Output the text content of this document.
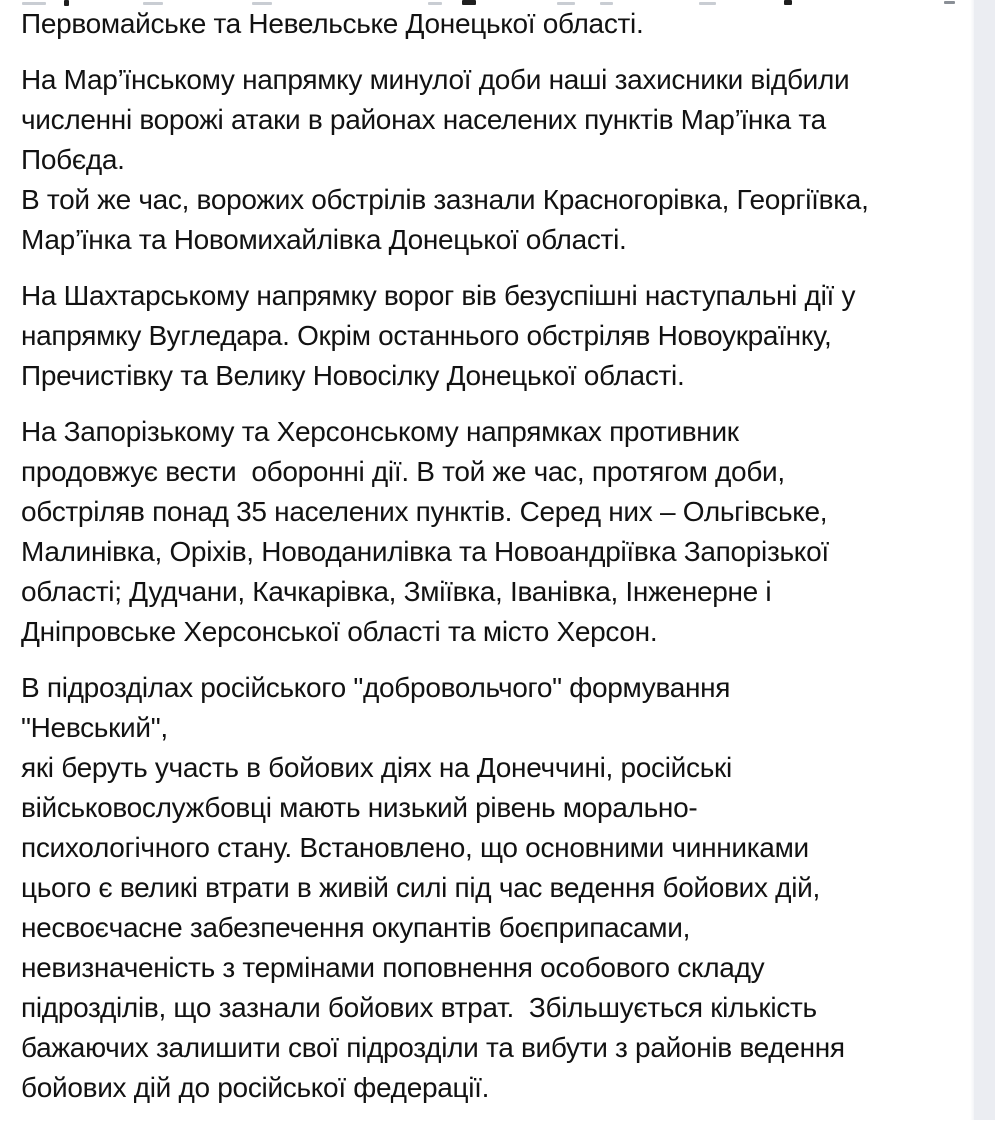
Первомайське та Невельське Донецької області.
На Мар’їнському напрямку минулої доби наші захисники відбили
численні ворожі атаки в районах населених пунктів Мар’їнка та
Побєда.
В той же час, ворожих обстрілів зазнали Красногорівка, Георгіївка,
Мар’їнка та Новомихайлівка Донецької області.
На Шахтарському напрямку ворог вів безуспішні наступальні дії у
напрямку Вугледара. Окрім останнього обстріляв Новоукраїнку,
Пречистівку та Велику Новосілку Донецької області.
На Запорізькому та Херсонському напрямках противник
продовжує вести  оборонні дії. В той же час, протягом доби,
обстріляв понад 35 населених пунктів. Серед них – Ольгівське,
Малинівка, Оріхів, Новоданилівка та Новоандріївка Запорізької
області; Дудчани, Качкарівка, Зміївка, Іванівка, Інженерне і
Дніпровське Херсонської області та місто Херсон.
В підрозділах російського "добровольчого" формування
"Невський",
які беруть участь в бойових діях на Донеччині, російські
військовослужбовці мають низький рівень морально-
психологічного стану. Встановлено, що основними чинниками
цього є великі втрати в живій силі під час ведення бойових дій,
несвоєчасне забезпечення окупантів боєприпасами,
невизначеність з термінами поповнення особового складу
підрозділів, що зазнали бойових втрат.  Збільшується кількість
бажаючих залишити свої підрозділи та вибути з районів ведення
бойових дій до російської федерації.
